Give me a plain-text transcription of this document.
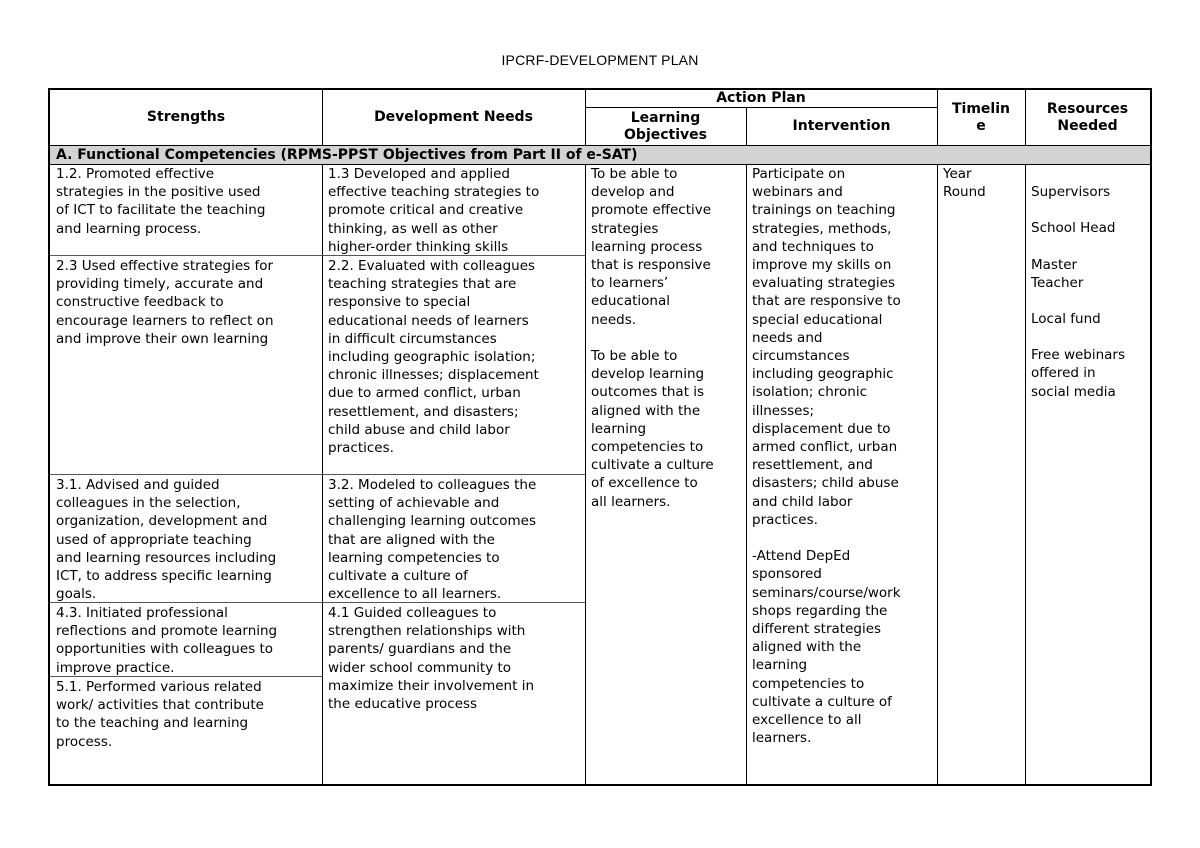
IPCRF-DEVELOPMENT PLAN
Strengths	Development Needs
Action Plan
Learning
Objectives
Intervention
Timelin
e
Resources
Needed
A. Functional Competencies (RPMS-PPST Objectives from Part II of e-SAT)
1.2. Promoted effective
strategies in the positive used
of ICT to facilitate the teaching
and learning process.
2.3 Used effective strategies for
providing timely, accurate and
constructive feedback to
encourage learners to reflect on
and improve their own learning
3.1. Advised and guided
colleagues in the selection,
organization, development and
used of appropriate teaching
and learning resources including
ICT, to address specific learning
goals.
4.3. Initiated professional
reflections and promote learning
opportunities with colleagues to
improve practice.
5.1. Performed various related
work/ activities that contribute
to the teaching and learning
process.
1.3 Developed and applied
effective teaching strategies to
promote critical and creative
thinking, as well as other
higher-order thinking skills
2.2. Evaluated with colleagues
teaching strategies that are
responsive to special
educational needs of learners
in difficult circumstances
including geographic isolation;
chronic illnesses; displacement
due to armed conflict, urban
resettlement, and disasters;
child abuse and child labor
practices.
3.2. Modeled to colleagues the
setting of achievable and
challenging learning outcomes
that are aligned with the
learning competencies to
cultivate a culture of
excellence to all learners.
4.1 Guided colleagues to
strengthen relationships with
parents/ guardians and the
wider school community to
maximize their involvement in
the educative process
To be able to
develop and
promote effective
strategies
learning process
that is responsive
to learners’
educational
needs.

To be able to
develop learning
outcomes that is
aligned with the
learning
competencies to
cultivate a culture
of excellence to
all learners.
Participate on
webinars and
trainings on teaching
strategies, methods,
and techniques to
improve my skills on
evaluating strategies
that are responsive to
special educational
needs and
circumstances
including geographic
isolation; chronic
illnesses;
displacement due to
armed conflict, urban
resettlement, and
disasters; child abuse
and child labor
practices.

-Attend DepEd
sponsored
seminars/course/work
shops regarding the
different strategies
aligned with the
learning
competencies to
cultivate a culture of
excellence to all
learners.
Year
Round	Supervisors
School Head
Master
Teacher
Local fund
Free webinars
offered in
social media
